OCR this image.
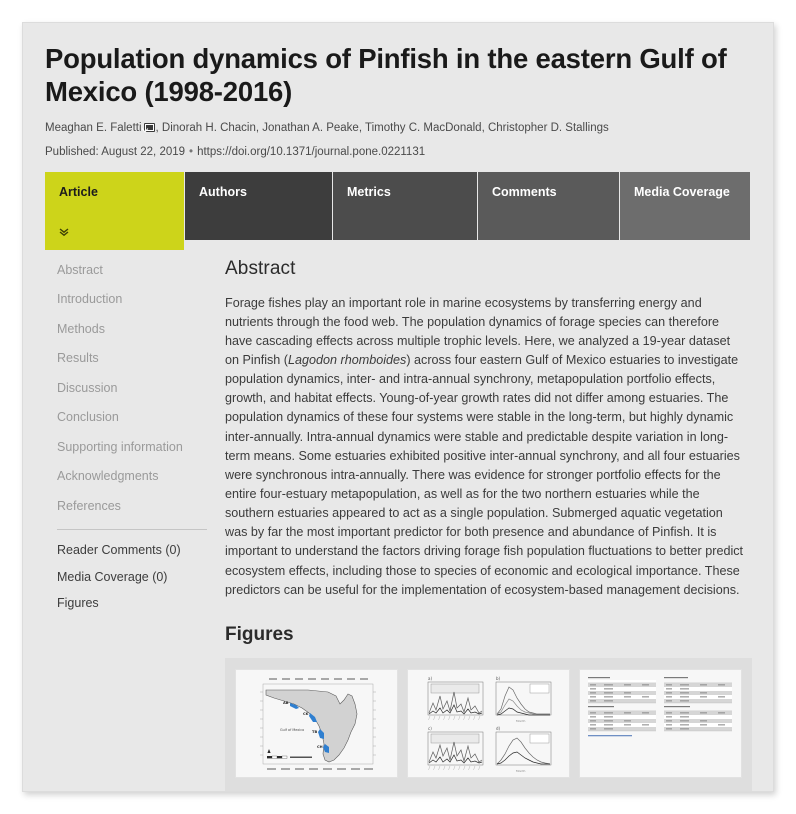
Population dynamics of Pinfish in the eastern Gulf of Mexico (1998-2016)
Meaghan E. Faletti , Dinorah H. Chacin, Jonathan A. Peake, Timothy C. MacDonald, Christopher D. Stallings
Published: August 22, 2019 • https://doi.org/10.1371/journal.pone.0221131
Article	Authors	Metrics	Comments	Media Coverage
Abstract
Introduction
Methods
Results
Discussion
Conclusion
Supporting information
Acknowledgments
References
Reader Comments (0)
Media Coverage (0)
Figures
Abstract

Forage fishes play an important role in marine ecosystems by transferring energy and nutrients through the food web. The population dynamics of forage species can therefore have cascading effects across multiple trophic levels. Here, we analyzed a 19-year dataset on Pinfish (Lagodon rhomboides) across four eastern Gulf of Mexico estuaries to investigate population dynamics, inter- and intra-annual synchrony, metapopulation portfolio effects, growth, and habitat effects. Young-of-year growth rates did not differ among estuaries. The population dynamics of these four systems were stable in the long-term, but highly dynamic inter-annually. Intra-annual dynamics were stable and predictable despite variation in long-term means. Some estuaries exhibited positive inter-annual synchrony, and all four estuaries were synchronous intra-annually. There was evidence for stronger portfolio effects for the entire four-estuary metapopulation, as well as for the two northern estuaries while the southern estuaries appeared to act as a single population. Submerged aquatic vegetation was by far the most important predictor for both presence and abundance of Pinfish. It is important to understand the factors driving forage fish population fluctuations to better predict ecosystem effects, including those to species of economic and ecological importance. These predictors can be useful for the implementation of ecosystem-based management decisions.

Figures
AB
CK
TB
CH
Gulf of Mexico
a)	b)
Month
c)	d)
Month
